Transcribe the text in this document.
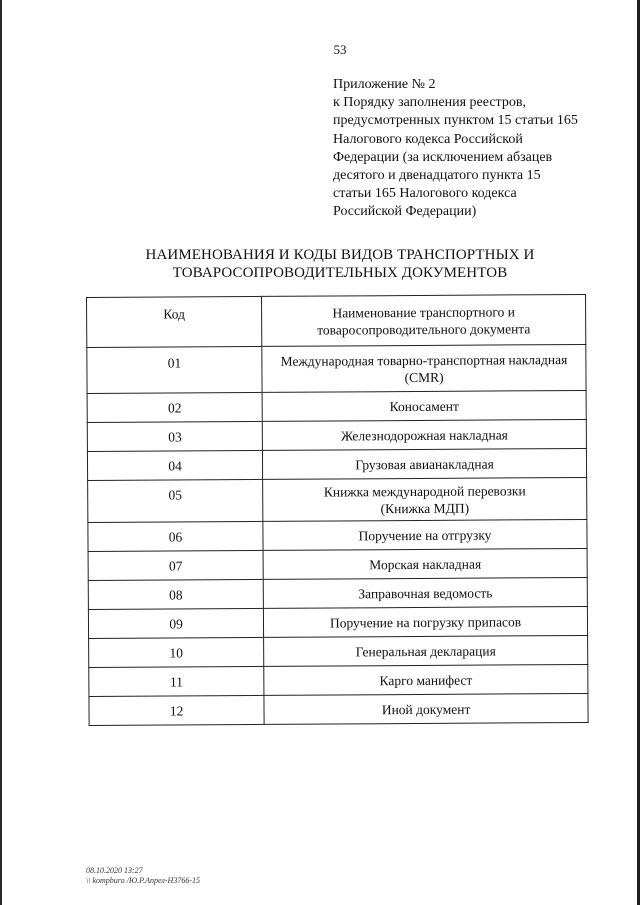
53
Приложение № 2
к Порядку заполнения реестров,
предусмотренных пунктом 15 статьи 165
Налогового кодекса Российской
Федерации (за исключением абзацев
десятого и двенадцатого пункта 15
статьи 165 Налогового кодекса
Российской Федерации)
НАИМЕНОВАНИЯ И КОДЫ ВИДОВ ТРАНСПОРТНЫХ И
ТОВАРОСОПРОВОДИТЕЛЬНЫХ ДОКУМЕНТОВ
Код	Наименование транспортного и
товаросопроводительного документа

01	Международная товарно-транспортная накладная
(CMR)

02	Коносамент
03	Железнодорожная накладная
04	Грузовая авианакладная
05	Книжка международной перевозки
(Книжка МДП)

06	Поручение на отгрузку
07	Морская накладная
08	Заправочная ведомость
09	Поручение на погрузку припасов
10	Генеральная декларация
11	Карго манифест
12	Иной документ
08.10.2020 13:27
\\ kompburo /Ю.Р.Апрел-Н3766-15
